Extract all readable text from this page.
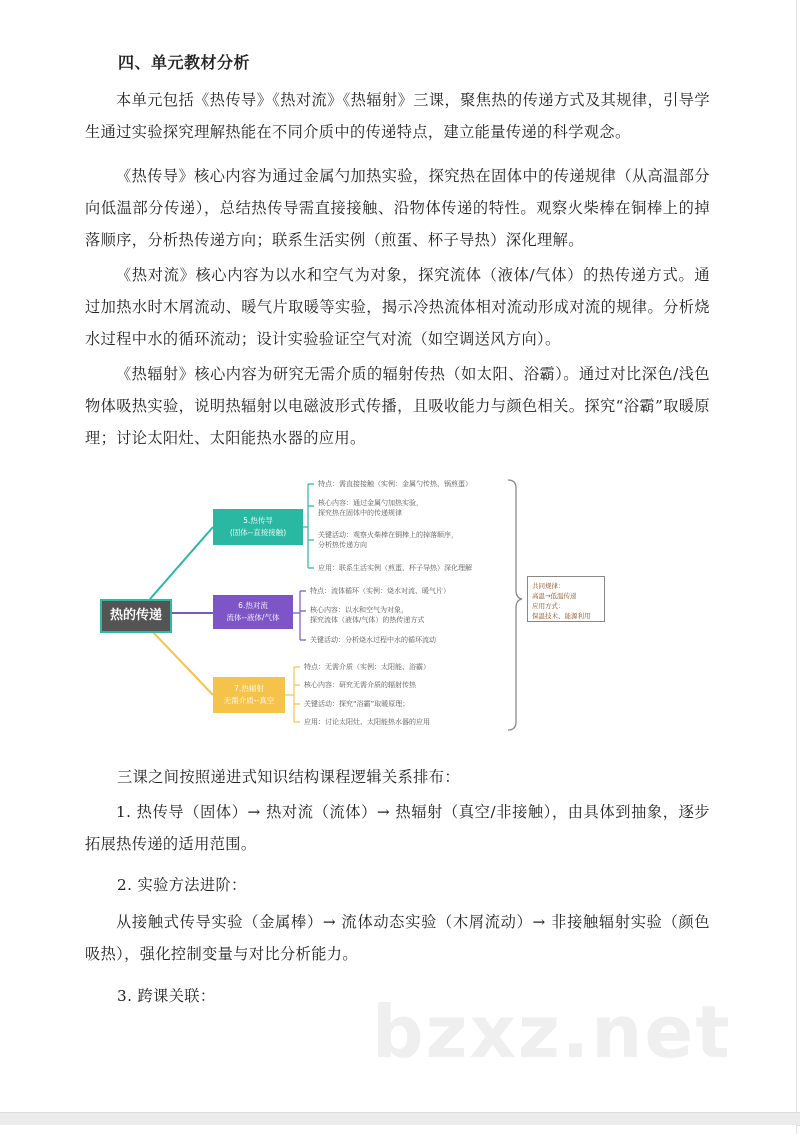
四、单元教材分析
本单元包括《热传导》《热对流》《热辐射》三课，聚焦热的传递方式及其规律，引导学生通过实验探究理解热能在不同介质中的传递特点，建立能量传递的科学观念。
《热传导》核心内容为通过金属勺加热实验，探究热在固体中的传递规律（从高温部分向低温部分传递），总结热传导需直接接触、沿物体传递的特性。观察火柴棒在铜棒上的掉落顺序，分析热传递方向；联系生活实例（煎蛋、杯子导热）深化理解。
《热对流》核心内容为以水和空气为对象，探究流体（液体/气体）的热传递方式。通过加热水时木屑流动、暖气片取暖等实验，揭示冷热流体相对流动形成对流的规律。分析烧水过程中水的循环流动；设计实验验证空气对流（如空调送风方向）。
《热辐射》核心内容为研究无需介质的辐射传热（如太阳、浴霸）。通过对比深色/浅色物体吸热实验，说明热辐射以电磁波形式传播，且吸收能力与颜色相关。探究“浴霸”取暖原理；讨论太阳灶、太阳能热水器的应用。
热的传递
5.热传导
(固体--直接接触)
特点：需直接接触（实例：金属勺传热、锅煎蛋）
核心内容：通过金属勺加热实验，
探究热在固体中的传递规律
关键活动：观察火柴棒在铜棒上的掉落顺序，
分析热传递方向
应用：联系生活实例（煎蛋、杯子导热）深化理解
6.热对流
流体--液体/气体
特点：流体循环（实例：烧水对流、暖气片）
核心内容：以水和空气为对象，
探究流体（液体/气体）的热传递方式
关键活动：分析烧水过程中水的循环流动
7.热辐射
无需介质--真空
特点：无需介质（实例：太阳能、浴霸）
核心内容：研究无需介质的辐射传热
关键活动：探究“浴霸”取暖原理；
应用：讨论太阳灶、太阳能热水器的应用
共同规律：
高温→低温传递
应用方式：
保温技术、能源利用
三课之间按照递进式知识结构课程逻辑关系排布：
1. 热传导（固体）→ 热对流（流体）→ 热辐射（真空/非接触），由具体到抽象，逐步拓展热传递的适用范围。
2. 实验方法进阶：
从接触式传导实验（金属棒）→ 流体动态实验（木屑流动）→ 非接触辐射实验（颜色吸热），强化控制变量与对比分析能力。
3. 跨课关联： bzxz.net
